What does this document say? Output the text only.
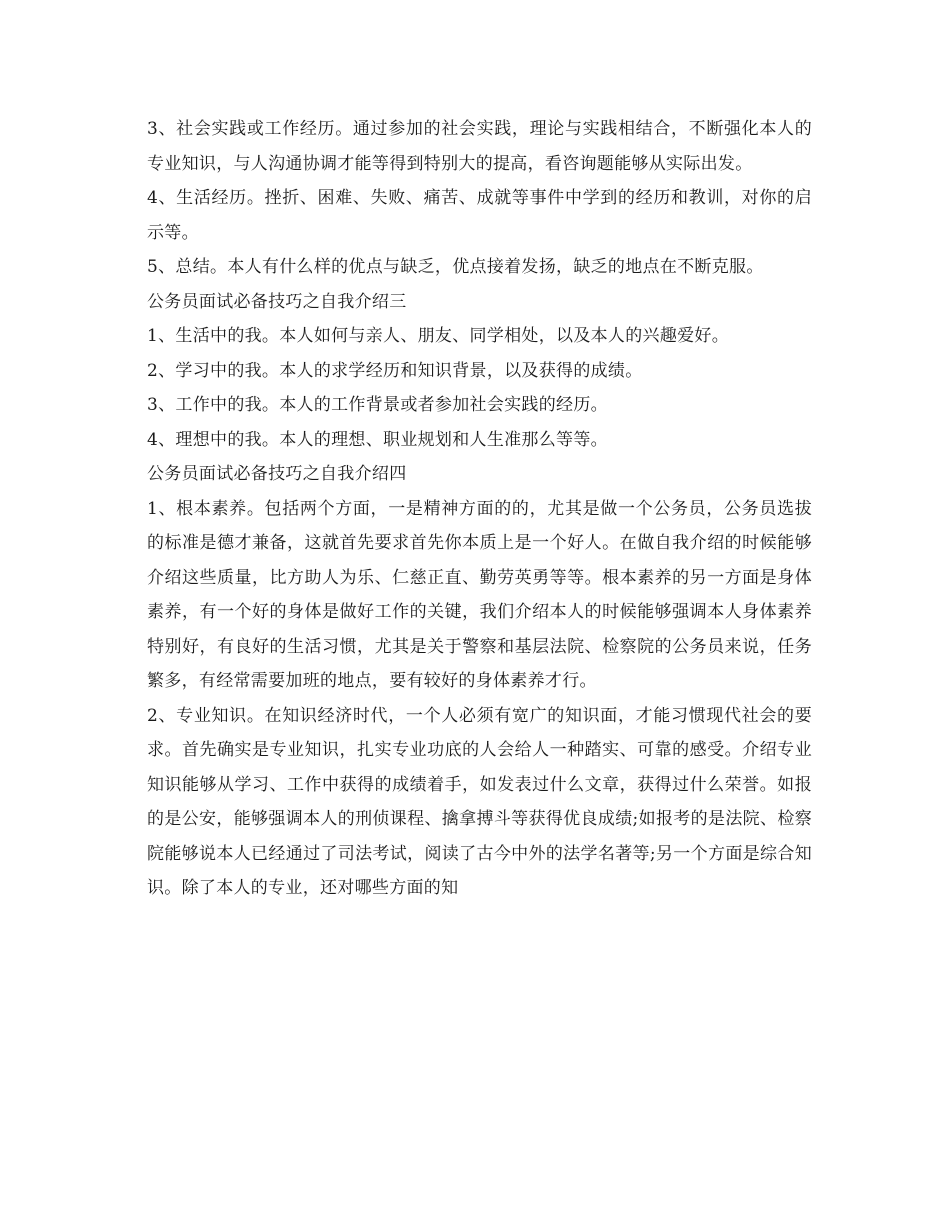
3、社会实践或工作经历。通过参加的社会实践，理论与实践相结合，不断强化本人的专业知识，与人沟通协调才能等得到特别大的提高，看咨询题能够从实际出发。

4、生活经历。挫折、困难、失败、痛苦、成就等事件中学到的经历和教训，对你的启示等。

5、总结。本人有什么样的优点与缺乏，优点接着发扬，缺乏的地点在不断克服。

公务员面试必备技巧之自我介绍三

1、生活中的我。本人如何与亲人、朋友、同学相处，以及本人的兴趣爱好。

2、学习中的我。本人的求学经历和知识背景，以及获得的成绩。

3、工作中的我。本人的工作背景或者参加社会实践的经历。

4、理想中的我。本人的理想、职业规划和人生准那么等等。

公务员面试必备技巧之自我介绍四

1、根本素养。包括两个方面，一是精神方面的的，尤其是做一个公务员，公务员选拔的标准是德才兼备，这就首先要求首先你本质上是一个好人。在做自我介绍的时候能够介绍这些质量，比方助人为乐、仁慈正直、勤劳英勇等等。根本素养的另一方面是身体素养，有一个好的身体是做好工作的关键，我们介绍本人的时候能够强调本人身体素养特别好，有良好的生活习惯，尤其是关于警察和基层法院、检察院的公务员来说，任务繁多，有经常需要加班的地点，要有较好的身体素养才行。

2、专业知识。在知识经济时代，一个人必须有宽广的知识面，才能习惯现代社会的要求。首先确实是专业知识，扎实专业功底的人会给人一种踏实、可靠的感受。介绍专业知识能够从学习、工作中获得的成绩着手，如发表过什么文章，获得过什么荣誉。如报的是公安，能够强调本人的刑侦课程、擒拿搏斗等获得优良成绩;如报考的是法院、检察院能够说本人已经通过了司法考试，阅读了古今中外的法学名著等;另一个方面是综合知识。除了本人的专业，还对哪些方面的知
